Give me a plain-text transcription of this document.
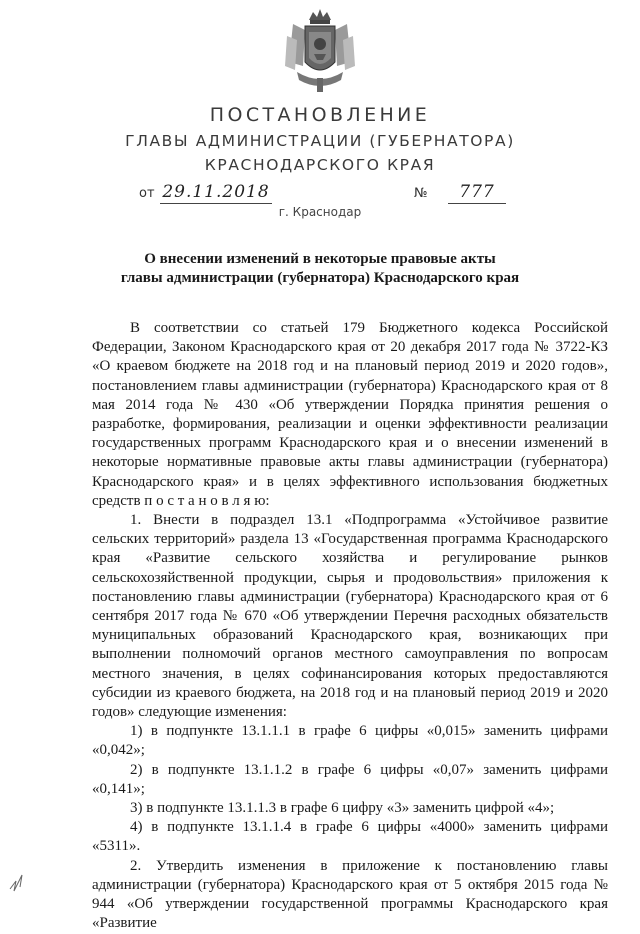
ПОСТАНОВЛЕНИЕ
ГЛАВЫ АДМИНИСТРАЦИИ (ГУБЕРНАТОРА)
КРАСНОДАРСКОГО КРАЯ
от 29.11.2018	№	777
г. Краснодар
О внесении изменений в некоторые правовые акты
главы администрации (губернатора) Краснодарского края

В соответствии со статьей 179 Бюджетного кодекса Российской Федерации, Законом Краснодарского края от 20 декабря 2017 года № 3722-КЗ «О краевом бюджете на 2018 год и на плановый период 2019 и 2020 годов», постановлением главы администрации (губернатора) Краснодарского края от 8 мая 2014 года № 430 «Об утверждении Порядка принятия решения о разработке, формирования, реализации и оценки эффективности реализации государственных программ Краснодарского края и о внесении изменений в некоторые нормативные правовые акты главы администрации (губернатора) Краснодарского края» и в целях эффективного использования бюджетных средств п о с т а н о в л я ю:

1. Внести в подраздел 13.1 «Подпрограмма «Устойчивое развитие сельских территорий» раздела 13 «Государственная программа Краснодарского края «Развитие сельского хозяйства и регулирование рынков сельскохозяйственной продукции, сырья и продовольствия» приложения к постановлению главы администрации (губернатора) Краснодарского края от 6 сентября 2017 года № 670 «Об утверждении Перечня расходных обязательств муниципальных образований Краснодарского края, возникающих при выполнении полномочий органов местного самоуправления по вопросам местного значения, в целях софинансирования которых предоставляются субсидии из краевого бюджета, на 2018 год и на плановый период 2019 и 2020 годов» следующие изменения:

1) в подпункте 13.1.1.1 в графе 6 цифры «0,015» заменить цифрами «0,042»;

2) в подпункте 13.1.1.2 в графе 6 цифры «0,07» заменить цифрами «0,141»;

3) в подпункте 13.1.1.3 в графе 6 цифру «3» заменить цифрой «4»;

4) в подпункте 13.1.1.4 в графе 6 цифры «4000» заменить цифрами «5311».

2. Утвердить изменения в приложение к постановлению главы администрации (губернатора) Краснодарского края от 5 октября 2015 года № 944 «Об утверждении государственной программы Краснодарского края «Развитие
